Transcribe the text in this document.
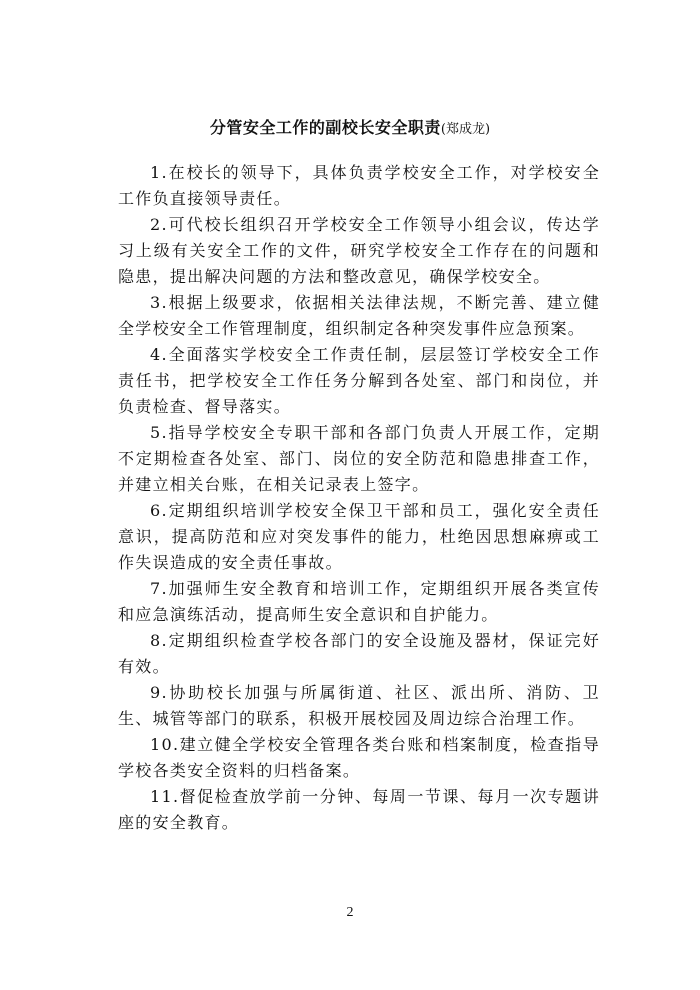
分管安全工作的副校长安全职责(郑成龙)

1.在校长的领导下，具体负责学校安全工作，对学校安全工作负直接领导责任。

2.可代校长组织召开学校安全工作领导小组会议，传达学习上级有关安全工作的文件，研究学校安全工作存在的问题和隐患，提出解决问题的方法和整改意见，确保学校安全。

3.根据上级要求，依据相关法律法规，不断完善、建立健全学校安全工作管理制度，组织制定各种突发事件应急预案。

4.全面落实学校安全工作责任制，层层签订学校安全工作责任书，把学校安全工作任务分解到各处室、部门和岗位，并负责检查、督导落实。

5.指导学校安全专职干部和各部门负责人开展工作，定期不定期检查各处室、部门、岗位的安全防范和隐患排查工作，并建立相关台账，在相关记录表上签字。

6.定期组织培训学校安全保卫干部和员工，强化安全责任意识，提高防范和应对突发事件的能力，杜绝因思想麻痹或工作失误造成的安全责任事故。

7.加强师生安全教育和培训工作，定期组织开展各类宣传和应急演练活动，提高师生安全意识和自护能力。

8.定期组织检查学校各部门的安全设施及器材，保证完好有效。

9.协助校长加强与所属街道、社区、派出所、消防、卫生、城管等部门的联系，积极开展校园及周边综合治理工作。

10.建立健全学校安全管理各类台账和档案制度，检查指导学校各类安全资料的归档备案。

11.督促检查放学前一分钟、每周一节课、每月一次专题讲座的安全教育。

2
